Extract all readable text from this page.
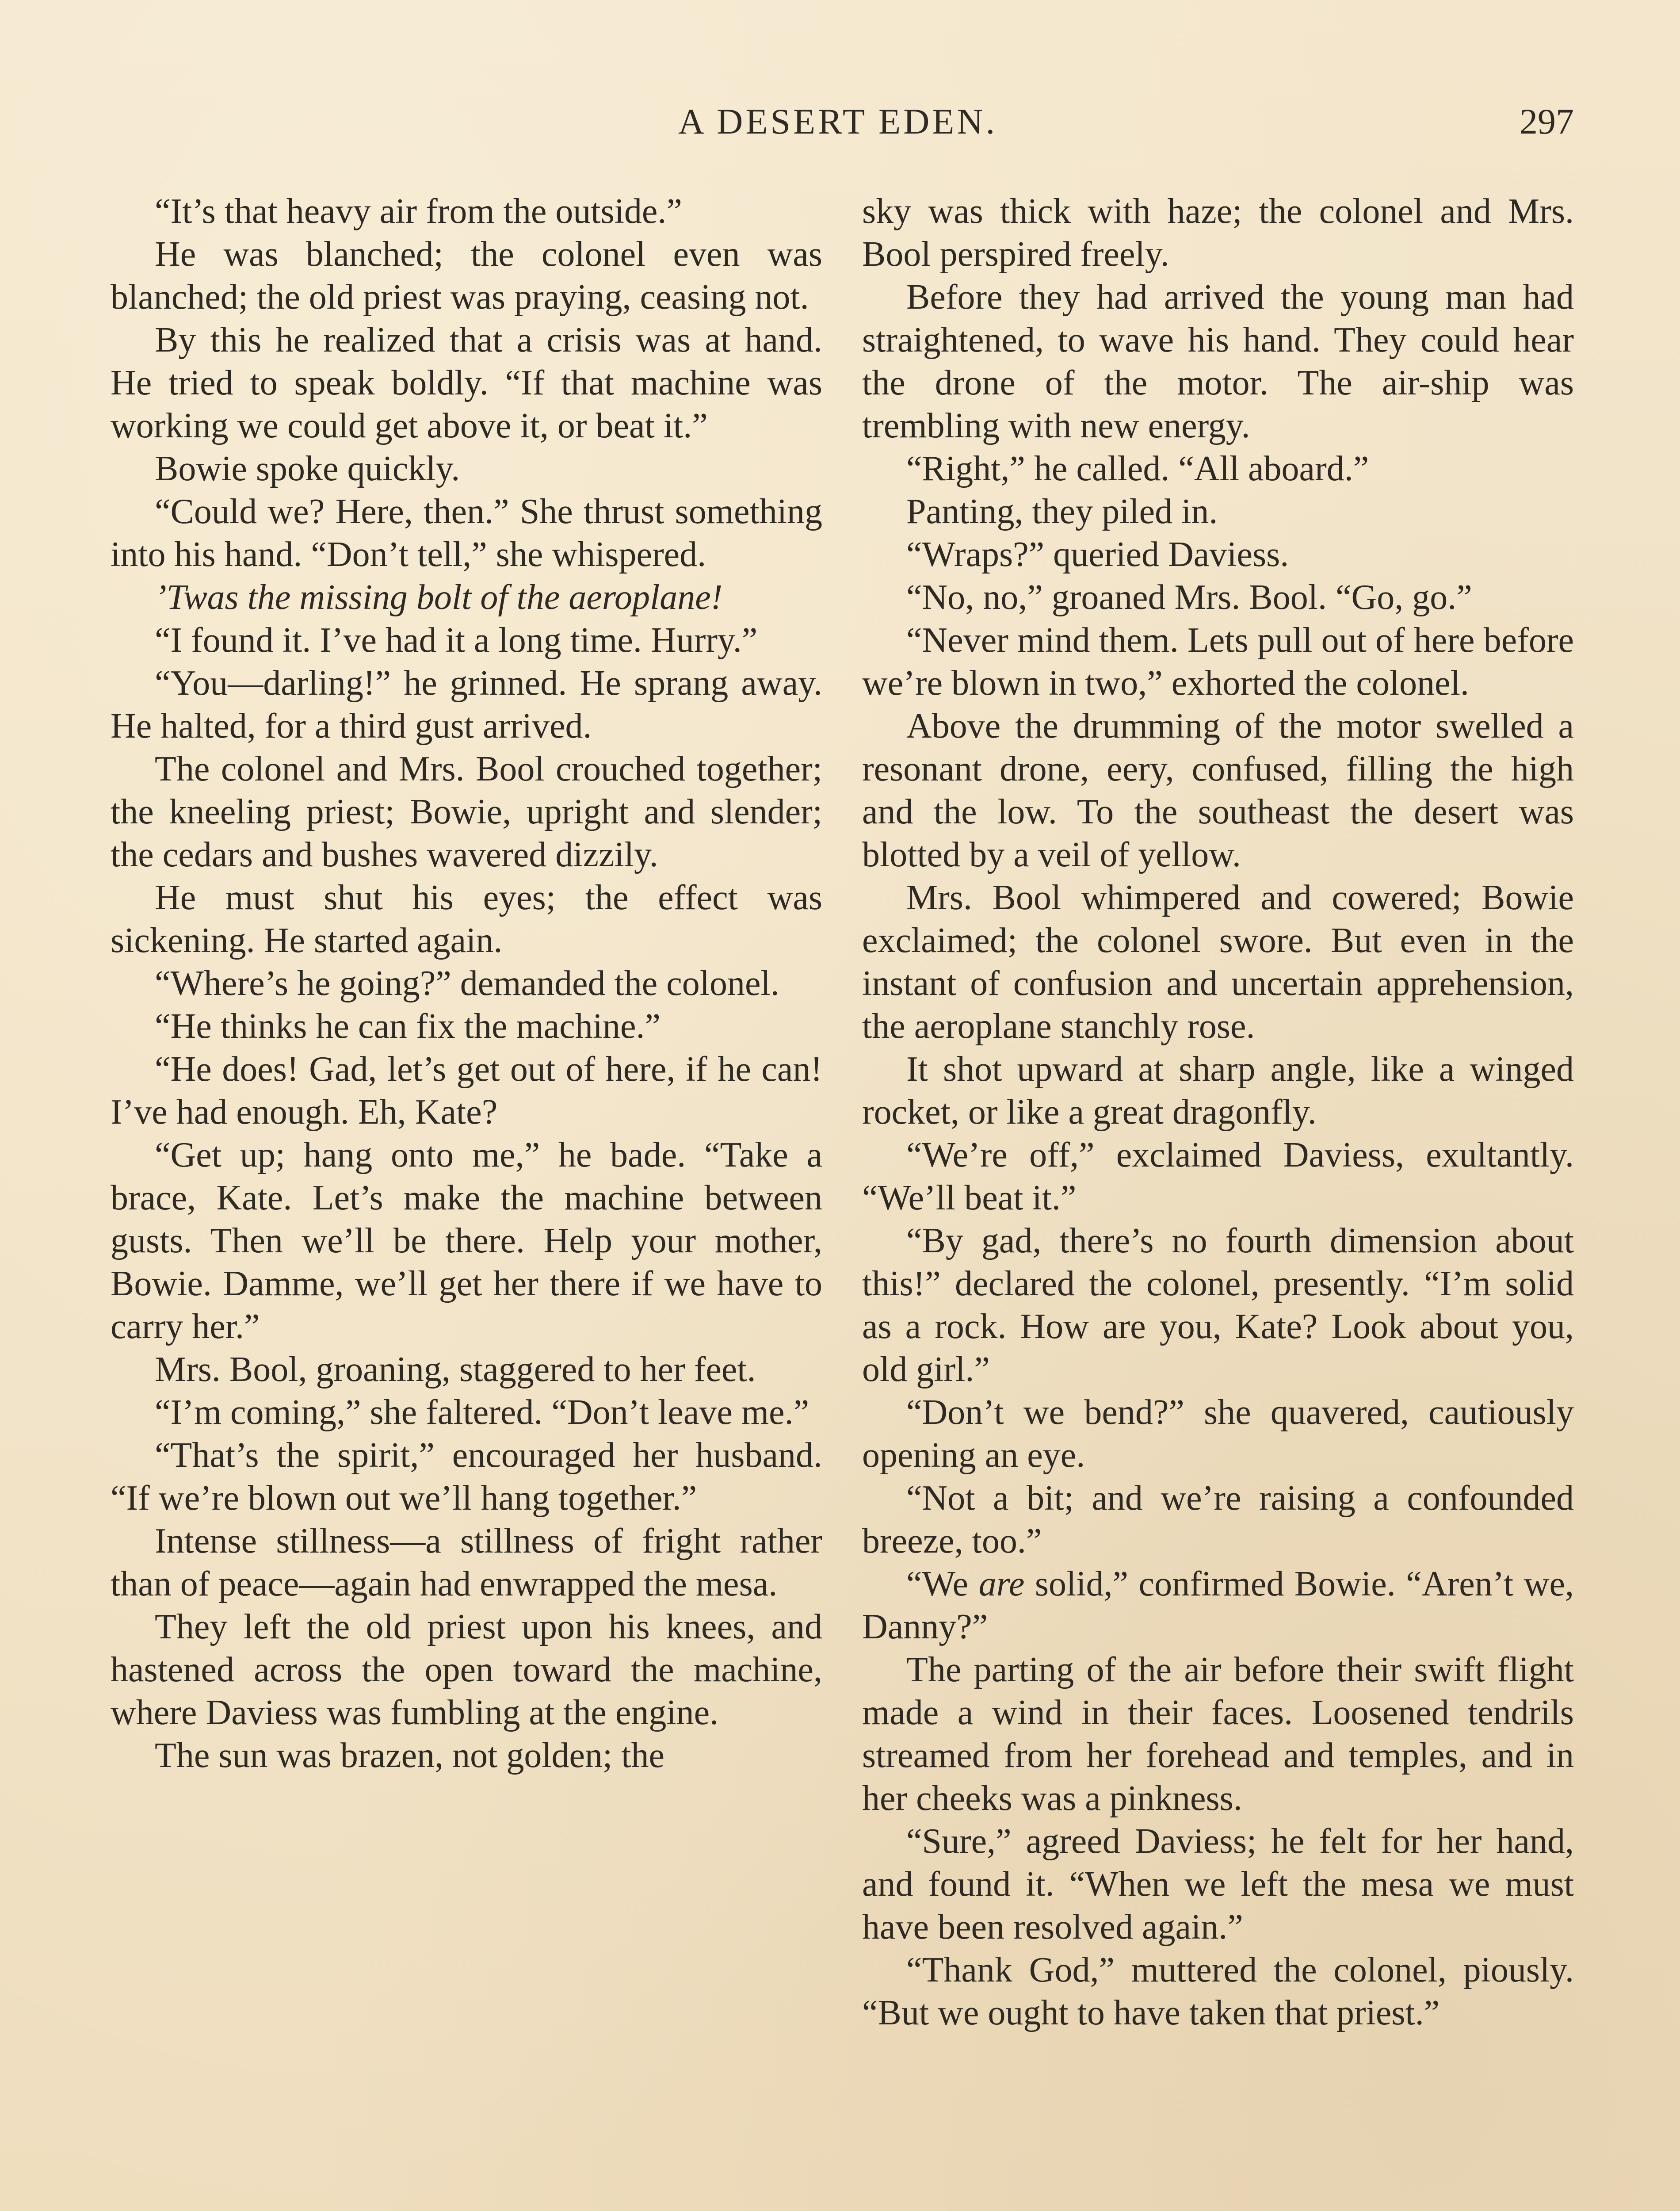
A DESERT EDEN.	297

“It’s that heavy air from the outside.”

He was blanched; the colonel even was blanched; the old priest was praying, ceasing not.

By this he realized that a crisis was at hand. He tried to speak boldly. “If that machine was working we could get above it, or beat it.”

Bowie spoke quickly.

“Could we? Here, then.” She thrust something into his hand. “Don’t tell,” she whispered.

’Twas the missing bolt of the aeroplane!

“I found it. I’ve had it a long time. Hurry.”

“You—darling!” he grinned. He sprang away. He halted, for a third gust arrived.

The colonel and Mrs. Bool crouched together; the kneeling priest; Bowie, upright and slender; the cedars and bushes wavered dizzily.

He must shut his eyes; the effect was sickening. He started again.

“Where’s he going?” demanded the colonel.

“He thinks he can fix the machine.”

“He does! Gad, let’s get out of here, if he can! I’ve had enough. Eh, Kate?

“Get up; hang onto me,” he bade. “Take a brace, Kate. Let’s make the machine between gusts. Then we’ll be there. Help your mother, Bowie. Damme, we’ll get her there if we have to carry her.”

Mrs. Bool, groaning, staggered to her feet.

“I’m coming,” she faltered. “Don’t leave me.”

“That’s the spirit,” encouraged her husband. “If we’re blown out we’ll hang together.”

Intense stillness—a stillness of fright rather than of peace—again had enwrapped the mesa.

They left the old priest upon his knees, and hastened across the open toward the machine, where Daviess was fumbling at the engine.

The sun was brazen, not golden; the

sky was thick with haze; the colonel and Mrs. Bool perspired freely.

Before they had arrived the young man had straightened, to wave his hand. They could hear the drone of the motor. The air-ship was trembling with new energy.

“Right,” he called. “All aboard.”

Panting, they piled in.

“Wraps?” queried Daviess.

“No, no,” groaned Mrs. Bool. “Go, go.”

“Never mind them. Lets pull out of here before we’re blown in two,” exhorted the colonel.

Above the drumming of the motor swelled a resonant drone, eery, confused, filling the high and the low. To the southeast the desert was blotted by a veil of yellow.

Mrs. Bool whimpered and cowered; Bowie exclaimed; the colonel swore. But even in the instant of confusion and uncertain apprehension, the aeroplane stanchly rose.

It shot upward at sharp angle, like a winged rocket, or like a great dragonfly.

“We’re off,” exclaimed Daviess, exultantly. “We’ll beat it.”

“By gad, there’s no fourth dimension about this!” declared the colonel, presently. “I’m solid as a rock. How are you, Kate? Look about you, old girl.”

“Don’t we bend?” she quavered, cautiously opening an eye.

“Not a bit; and we’re raising a confounded breeze, too.”

“We are solid,” confirmed Bowie. “Aren’t we, Danny?”

The parting of the air before their swift flight made a wind in their faces. Loosened tendrils streamed from her forehead and temples, and in her cheeks was a pinkness.

“Sure,” agreed Daviess; he felt for her hand, and found it. “When we left the mesa we must have been resolved again.”

“Thank God,” muttered the colonel, piously. “But we ought to have taken that priest.”
